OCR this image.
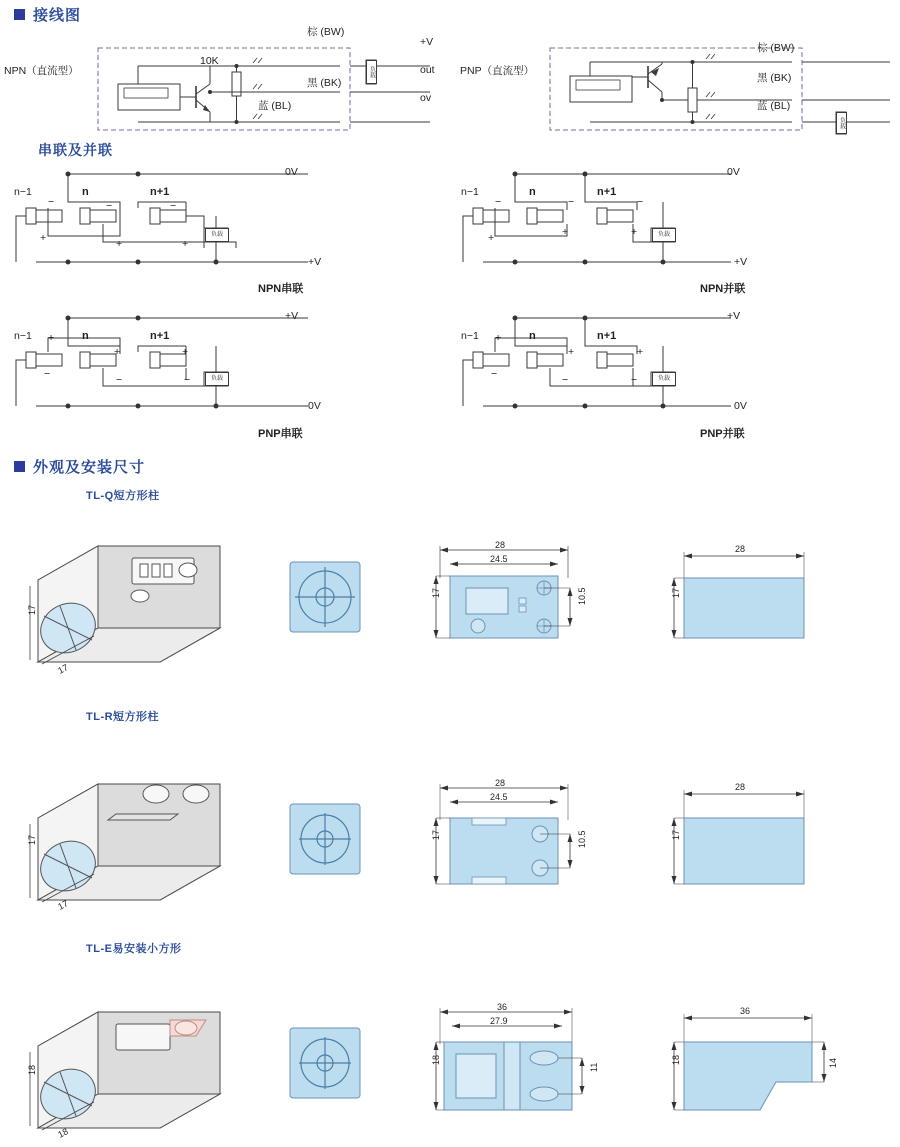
接线图
NPN（直流型）
10K
棕 (BW)
黑 (BK)
蓝 (BL)
+V
out
ov
负载	PNP（直流型）
棕 (BW)
黑 (BK)
蓝 (BL)
负载
串联及并联
0V
+V
n−1	n	n+1
−	−	−
+	+	+
负载
NPN串联
0V
+V
n−1	n	n+1
−	−	−
+	+	+	负载
NPN并联
+V
0V
n−1	n	n+1
+
+	+
−	−	−	负载
PNP串联
+V
0V
n−1	n	n+1
+
+	+
−	−	−	负载
PNP并联
外观及安装尺寸
TL-Q短方形柱
17
17
28
24.5
17	10.5
28
17
TL-R短方形柱
17
17
28
24.5
17	10.5
28
17
TL-E易安装小方形
18
18
36
27.9
18
11
36
18	14
